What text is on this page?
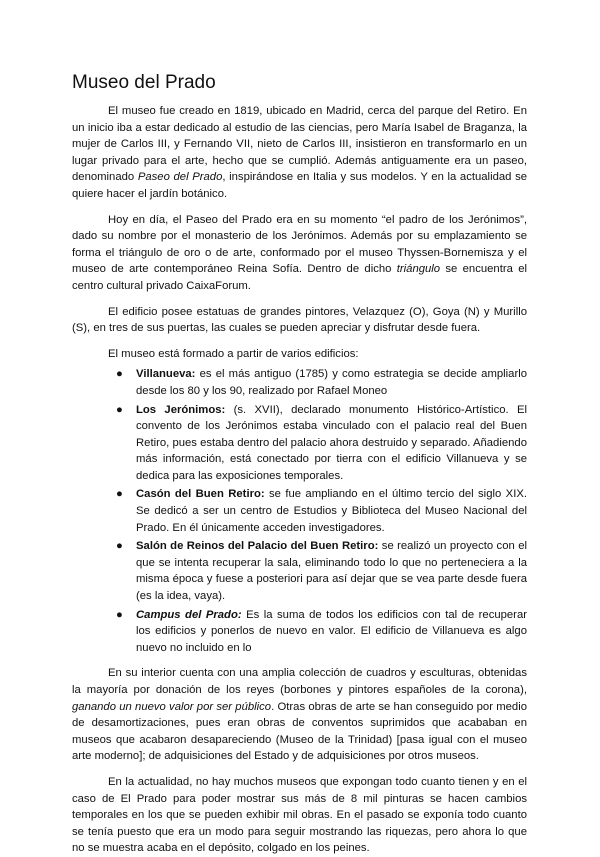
Museo del Prado

El museo fue creado en 1819, ubicado en Madrid, cerca del parque del Retiro. En un inicio iba a estar dedicado al estudio de las ciencias, pero María Isabel de Braganza, la mujer de Carlos III, y Fernando VII, nieto de Carlos III, insistieron en transformarlo en un lugar privado para el arte, hecho que se cumplió. Además antiguamente era un paseo, denominado Paseo del Prado, inspirándose en Italia y sus modelos. Y en la actualidad se quiere hacer el jardín botánico.

Hoy en día, el Paseo del Prado era en su momento “el padro de los Jerónimos”, dado su nombre por el monasterio de los Jerónimos. Además por su emplazamiento se forma el triángulo de oro o de arte, conformado por el museo Thyssen-Bornemisza y el museo de arte contemporáneo Reina Sofía. Dentro de dicho triángulo se encuentra el centro cultural privado CaixaForum.

El edificio posee estatuas de grandes pintores, Velazquez (O), Goya (N) y Murillo (S), en tres de sus puertas, las cuales se pueden apreciar y disfrutar desde fuera.

El museo está formado a partir de varios edificios:

● Villanueva: es el más antiguo (1785) y como estrategia se decide ampliarlo desde los 80 y los 90, realizado por Rafael Moneo
● Los Jerónimos: (s. XVII), declarado monumento Histórico-Artístico. El convento de los Jerónimos estaba vinculado con el palacio real del Buen Retiro, pues estaba dentro del palacio ahora destruido y separado. Añadiendo más información, está conectado por tierra con el edificio Villanueva y se dedica para las exposiciones temporales.
● Casón del Buen Retiro: se fue ampliando en el último tercio del siglo XIX. Se dedicó a ser un centro de Estudios y Biblioteca del Museo Nacional del Prado. En él únicamente acceden investigadores.
● Salón de Reinos del Palacio del Buen Retiro: se realizó un proyecto con el que se intenta recuperar la sala, eliminando todo lo que no perteneciera a la misma época y fuese a posteriori para así dejar que se vea parte desde fuera (es la idea, vaya).
● Campus del Prado: Es la suma de todos los edificios con tal de recuperar los edificios y ponerlos de nuevo en valor. El edificio de Villanueva es algo nuevo no incluido en lo

En su interior cuenta con una amplia colección de cuadros y esculturas, obtenidas la mayoría por donación de los reyes (borbones y pintores españoles de la corona), ganando un nuevo valor por ser público. Otras obras de arte se han conseguido por medio de desamortizaciones, pues eran obras de conventos suprimidos que acababan en museos que acabaron desapareciendo (Museo de la Trinidad) [pasa igual con el museo arte moderno]; de adquisiciones del Estado y de adquisiciones por otros museos.

En la actualidad, no hay muchos museos que expongan todo cuanto tienen y en el caso de El Prado para poder mostrar sus más de 8 mil pinturas se hacen cambios temporales en los que se pueden exhibir mil obras. En el pasado se exponía todo cuanto se tenía puesto que era un modo para seguir mostrando las riquezas, pero ahora lo que no se muestra acaba en el depósito, colgado en los peines.
